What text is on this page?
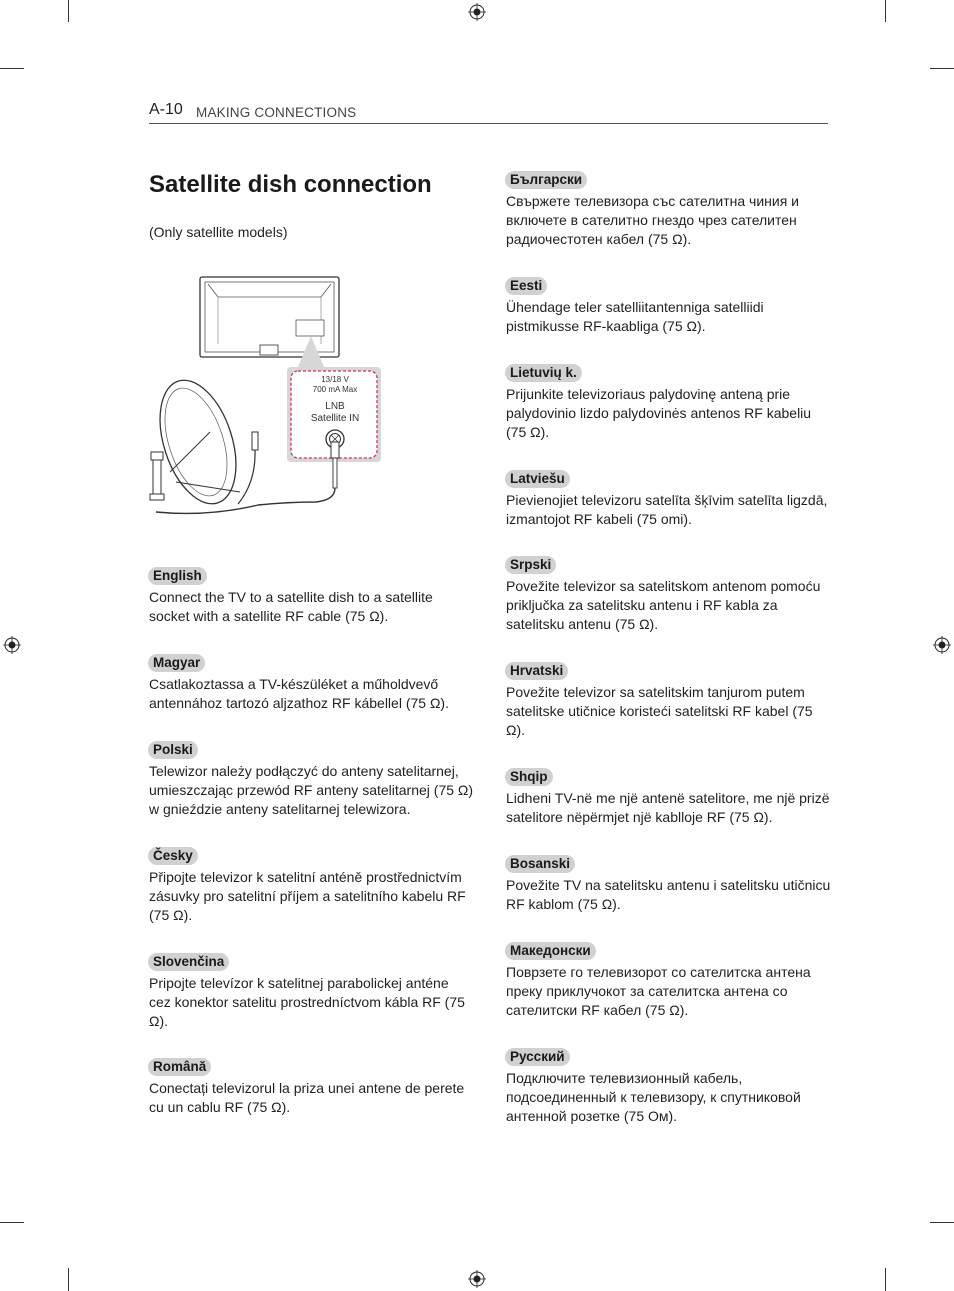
A-10 MAKING CONNECTIONS
Satellite dish connection
(Only satellite models)
13/18 V
700 mA Max
LNB
Satellite IN
English
Connect the TV to a satellite dish to a satellite socket with a satellite RF cable (75 Ω).
Magyar
Csatlakoztassa a TV-készüléket a műholdvevő antennához tartozó aljzathoz RF kábellel (75 Ω).
Polski
Telewizor należy podłączyć do anteny satelitarnej, umieszczając przewód RF anteny satelitarnej (75 Ω) w gnieździe anteny satelitarnej telewizora.
Česky
Připojte televizor k satelitní anténě prostřednictvím zásuvky pro satelitní příjem a satelitního kabelu RF (75 Ω).
Slovenčina
Pripojte televízor k satelitnej parabolickej anténe cez konektor satelitu prostredníctvom kábla RF (75 Ω).
Română
Conectați televizorul la priza unei antene de perete cu un cablu RF (75 Ω).
Български
Свържете телевизора със сателитна чиния и включете в сателитно гнездо чрез сателитен радиочестотен кабел (75 Ω).
Eesti
Ühendage teler satelliitantenniga satelliidi pistmikusse RF-kaabliga (75 Ω).
Lietuvių k.
Prijunkite televizoriaus palydovinę anteną prie palydovinio lizdo palydovinės antenos RF kabeliu (75 Ω).
Latviešu
Pievienojiet televizoru satelīta šķīvim satelīta ligzdā, izmantojot RF kabeli (75 omi).
Srpski
Povežite televizor sa satelitskom antenom pomoću priključka za satelitsku antenu i RF kabla za satelitsku antenu (75 Ω).
Hrvatski
Povežite televizor sa satelitskim tanjurom putem satelitske utičnice koristeći satelitski RF kabel (75 Ω).
Shqip
Lidheni TV-në me një antenë satelitore, me një prizë satelitore nëpërmjet një kablloje RF (75 Ω).
Bosanski
Povežite TV na satelitsku antenu i satelitsku utičnicu RF kablom (75 Ω).
Македонски
Поврзете го телевизорот со сателитска антена преку приклучокот за сателитска антена со сателитски RF кабел (75 Ω).
Русский
Подключите телевизионный кабель, подсоединенный к телевизору, к спутниковой антенной розетке (75 Ом).
